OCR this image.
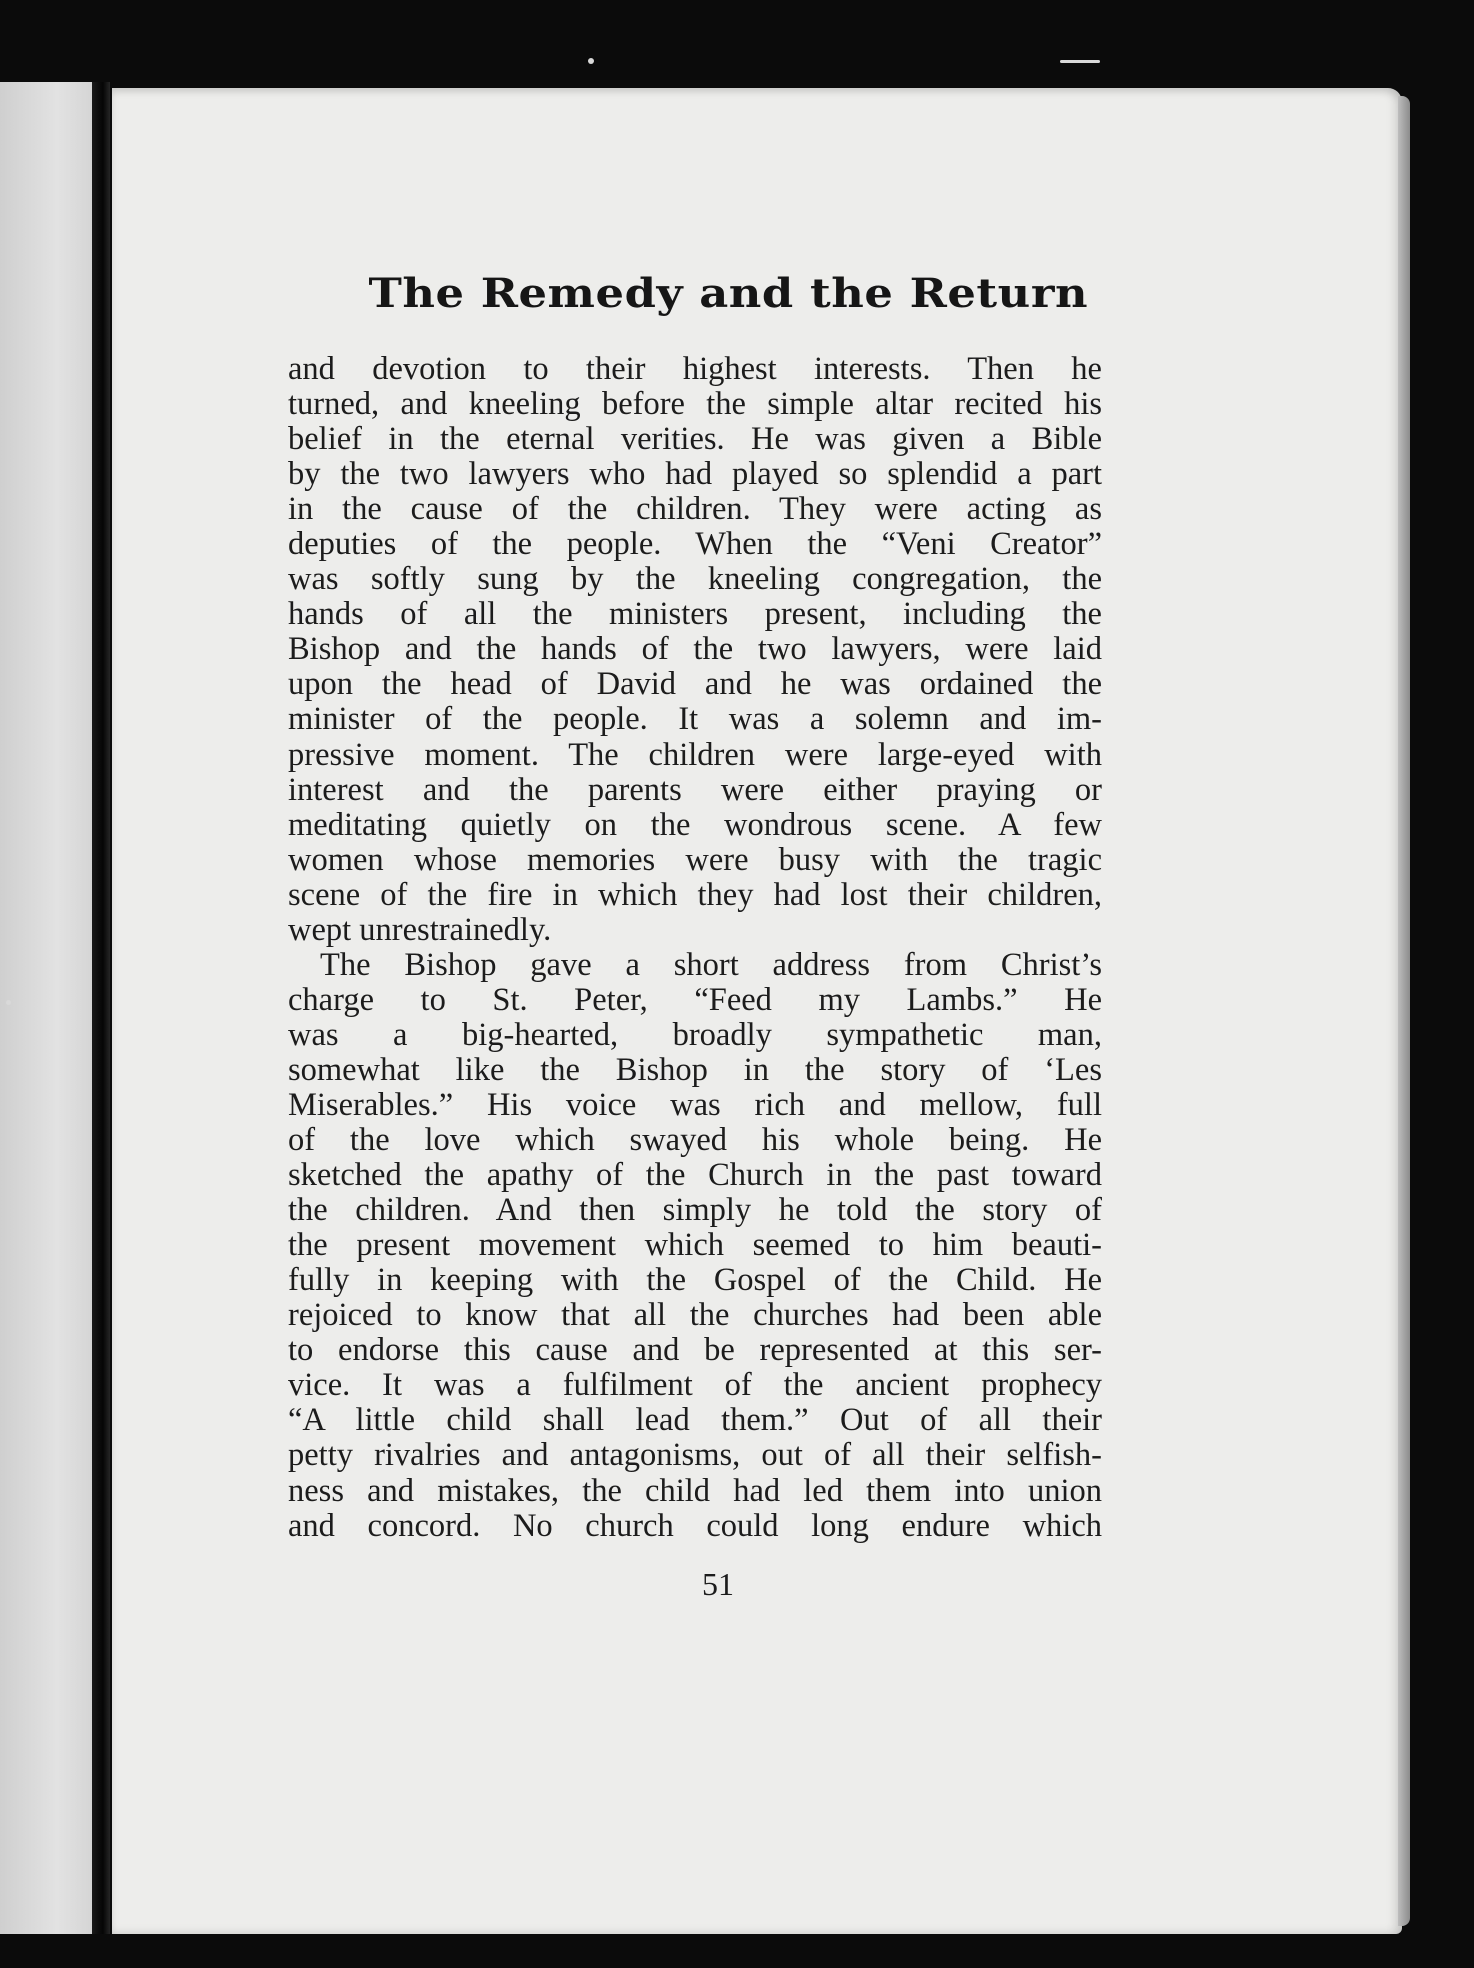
The Remedy and the Return
and devotion to their highest interests. Then he
turned, and kneeling before the simple altar recited his
belief in the eternal verities. He was given a Bible
by the two lawyers who had played so splendid a part
in the cause of the children. They were acting as
deputies of the people. When the “Veni Creator”
was softly sung by the kneeling congregation, the
hands of all the ministers present, including the
Bishop and the hands of the two lawyers, were laid
upon the head of David and he was ordained the
minister of the people. It was a solemn and im-
pressive moment. The children were large-eyed with
interest and the parents were either praying or
meditating quietly on the wondrous scene. A few
women whose memories were busy with the tragic
scene of the fire in which they had lost their children,
wept unrestrainedly.
The Bishop gave a short address from Christ’s
charge to St. Peter, “Feed my Lambs.” He
was a big-hearted, broadly sympathetic man,
somewhat like the Bishop in the story of ‘Les
Miserables.” His voice was rich and mellow, full
of the love which swayed his whole being. He
sketched the apathy of the Church in the past toward
the children. And then simply he told the story of
the present movement which seemed to him beauti-
fully in keeping with the Gospel of the Child. He
rejoiced to know that all the churches had been able
to endorse this cause and be represented at this ser-
vice. It was a fulfilment of the ancient prophecy
“A little child shall lead them.” Out of all their
petty rivalries and antagonisms, out of all their selfish-
ness and mistakes, the child had led them into union
and concord. No church could long endure which
51
